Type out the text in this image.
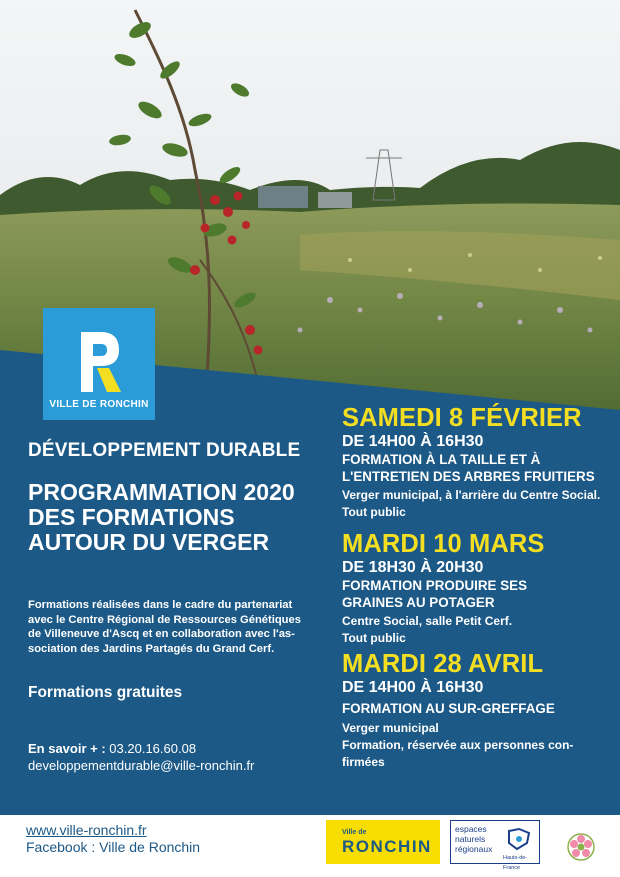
VILLE DE RONCHIN
DÉVELOPPEMENT DURABLE
PROGRAMMATION 2020
DES FORMATIONS
AUTOUR DU VERGER
Formations réalisées dans le cadre du partenariat
avec le Centre Régional de Ressources Génétiques
de Villeneuve d'Ascq et en collaboration avec l'as-
sociation des Jardins Partagés du Grand Cerf.
Formations gratuites
En savoir + : 03.20.16.60.08
developpementdurable@ville-ronchin.fr
SAMEDI 8 FÉVRIER
DE 14H00 À 16H30
FORMATION À LA TAILLE ET À
L'ENTRETIEN DES ARBRES FRUITIERS
Verger municipal, à l'arrière du Centre Social.
Tout public
MARDI 10 MARS
DE 18H30 À 20H30
FORMATION PRODUIRE SES
GRAINES AU POTAGER
Centre Social, salle Petit Cerf.
Tout public
MARDI 28 AVRIL
DE 14H00 À 16H30
FORMATION AU SUR-GREFFAGE
Verger municipal
Formation, réservée aux personnes con-
firmées
www.ville-ronchin.fr
Facebook : Ville de Ronchin
Ville de
RONCHIN
espaces
naturels
régionaux
Hauts-de-France
